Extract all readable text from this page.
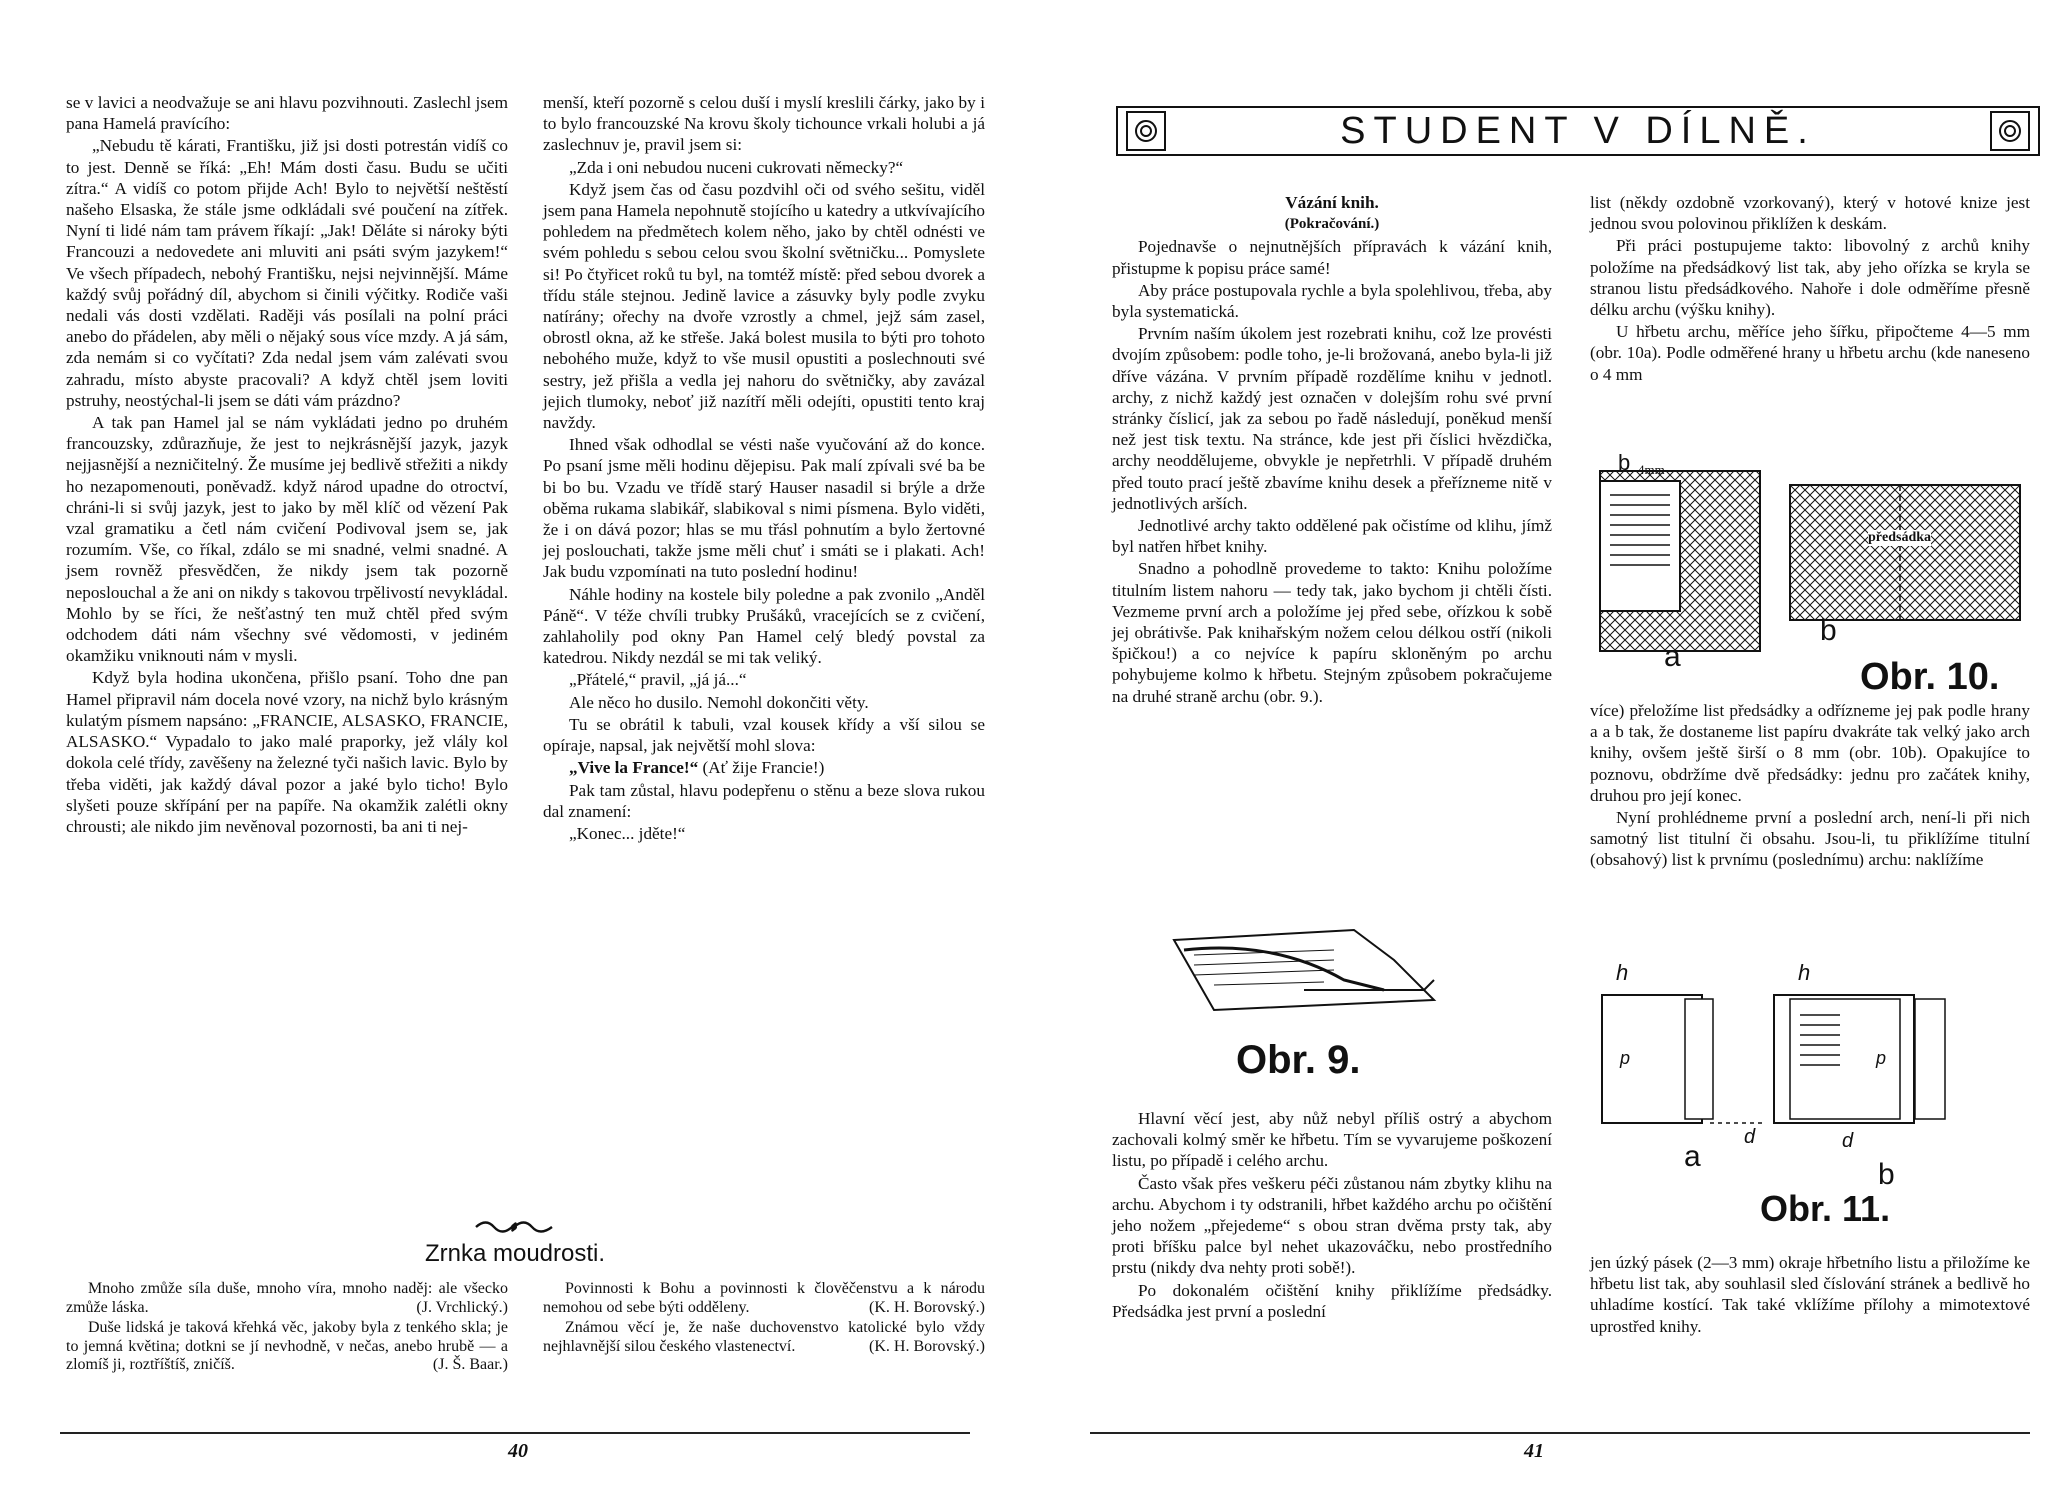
se v lavici a neodvažuje se ani hlavu pozvihnouti. Zaslechl jsem pana Hamelá pravícího:

„Nebudu tě kárati, Františku, již jsi dosti potrestán vidíš co to jest. Denně se říká: „Eh! Mám dosti času. Budu se učiti zítra.“ A vidíš co potom přijde Ach! Bylo to největší neštěstí našeho Elsaska, že stále jsme odkládali své poučení na zítřek. Nyní ti lidé nám tam právem říkají: „Jak! Děláte si nároky býti Francouzi a nedovedete ani mluviti ani psáti svým jazykem!“ Ve všech případech, nebohý Františku, nejsi nejvinnější. Máme každý svůj pořádný díl, abychom si činili výčitky. Rodiče vaši nedali vás dosti vzdělati. Raději vás posílali na polní práci anebo do přádelen, aby měli o nějaký sous více mzdy. A já sám, zda nemám si co vyčítati? Zda nedal jsem vám zalévati svou zahradu, místo abyste pracovali? A když chtěl jsem loviti pstruhy, neostýchal-li jsem se dáti vám prázdno?

A tak pan Hamel jal se nám vykládati jedno po druhém francouzsky, zdůrazňuje, že jest to nejkrásnější jazyk, jazyk nejjasnější a nezničitelný. Že musíme jej bedlivě střežiti a nikdy ho nezapomenouti, poněvadž. když národ upadne do otroctví, chráni-li si svůj jazyk, jest to jako by měl klíč od vězení Pak vzal gramatiku a četl nám cvičení Podivoval jsem se, jak rozumím. Vše, co říkal, zdálo se mi snadné, velmi snadné. A jsem rovněž přesvědčen, že nikdy jsem tak pozorně neposlouchal a že ani on nikdy s takovou trpělivostí nevykládal. Mohlo by se říci, že nešťastný ten muž chtěl před svým odchodem dáti nám všechny své vědomosti, v jediném okamžiku vniknouti nám v mysli.

Když byla hodina ukončena, přišlo psaní. Toho dne pan Hamel připravil nám docela nové vzory, na nichž bylo krásným kulatým písmem napsáno: „FRANCIE, ALSASKO, FRANCIE, ALSASKO.“ Vypadalo to jako malé praporky, jež vlály kol dokola celé třídy, zavěšeny na železné tyči našich lavic. Bylo by třeba viděti, jak každý dával pozor a jaké bylo ticho! Bylo slyšeti pouze skřípání per na papíře. Na okamžik zalétli okny chrousti; ale nikdo jim nevěnoval pozornosti, ba ani ti nej-

menší, kteří pozorně s celou duší i myslí kreslili čárky, jako by i to bylo francouzské Na krovu školy tichounce vrkali holubi a já zaslechnuv je, pravil jsem si:

„Zda i oni nebudou nuceni cukrovati německy?“

Když jsem čas od času pozdvihl oči od svého sešitu, viděl jsem pana Hamela nepohnutě stojícího u katedry a utkvívajícího pohledem na předmětech kolem něho, jako by chtěl odnésti ve svém pohledu s sebou celou svou školní světničku... Pomyslete si! Po čtyřicet roků tu byl, na tomtéž místě: před sebou dvorek a třídu stále stejnou. Jedině lavice a zásuvky byly podle zvyku natírány; ořechy na dvoře vzrostly a chmel, jejž sám zasel, obrostl okna, až ke střeše. Jaká bolest musila to býti pro tohoto nebohého muže, když to vše musil opustiti a poslechnouti své sestry, jež přišla a vedla jej nahoru do světničky, aby zavázal jejich tlumoky, neboť již nazítří měli odejíti, opustiti tento kraj navždy.

Ihned však odhodlal se vésti naše vyučování až do konce. Po psaní jsme měli hodinu dějepisu. Pak malí zpívali své ba be bi bo bu. Vzadu ve třídě starý Hauser nasadil si brýle a drže oběma rukama slabikář, slabikoval s nimi písmena. Bylo viděti, že i on dává pozor; hlas se mu třásl pohnutím a bylo žertovné jej poslouchati, takže jsme měli chuť i smáti se i plakati. Ach! Jak budu vzpomínati na tuto poslední hodinu!

Náhle hodiny na kostele bily poledne a pak zvonilo „Anděl Páně“. V téže chvíli trubky Prušáků, vracejících se z cvičení, zahlaholily pod okny Pan Hamel celý bledý povstal za katedrou. Nikdy nezdál se mi tak veliký.

„Přátelé,“ pravil, „já já...“

Ale něco ho dusilo. Nemohl dokončiti věty.

Tu se obrátil k tabuli, vzal kousek křídy a vší silou se opíraje, napsal, jak největší mohl slova:

„Vive la France!“ (Ať žije Francie!)

Pak tam zůstal, hlavu podepřenu o stěnu a beze slova rukou dal znamení:

„Konec... jděte!“

Zrnka moudrosti.

Mnoho zmůže síla duše, mnoho víra, mnoho naděj: ale všecko zmůže láska.	(J. Vrchlický.)

Duše lidská je taková křehká věc, jakoby byla z tenkého skla; je to jemná květina; dotkni se jí nevhodně, v nečas, anebo hrubě — a zlomíš ji, roztříštíš, zničíš.	(J. Š. Baar.)

Povinnosti k Bohu a povinnosti k člověčenstvu a k národu nemohou od sebe býti odděleny.	(K. H. Borovský.)

Známou věcí je, že naše duchovenstvo katolické bylo vždy nejhlavnější silou českého vlastenectví.	(K. H. Borovský.)

40
STUDENT V DÍLNĚ.

Vázání knih.

(Pokračování.)

Pojednavše o nejnutnějších přípravách k vázání knih, přistupme k popisu práce samé!

Aby práce postupovala rychle a byla spolehlivou, třeba, aby byla systematická.

Prvním naším úkolem jest rozebrati knihu, což lze provésti dvojím způsobem: podle toho, je-li brožovaná, anebo byla-li již dříve vázána. V prvním případě rozdělíme knihu v jednotl. archy, z nichž každý jest označen v dolejším rohu své první stránky číslicí, jak za sebou po řadě následují, poněkud menší než jest tisk textu. Na stránce, kde jest při číslici hvězdička, archy neoddělujeme, obvykle je nepřetrhli. V případě druhém před touto prací ještě zbavíme knihu desek a přeřízneme nitě v jednotlivých arších.

Jednotlivé archy takto oddělené pak očistíme od klihu, jímž byl natřen hřbet knihy.

Snadno a pohodlně provedeme to takto: Knihu položíme titulním listem nahoru — tedy tak, jako bychom ji chtěli čísti. Vezmeme první arch a položíme jej před sebe, ořízkou k sobě jej obrátivše. Pak knihařským nožem celou délkou ostří (nikoli špičkou!) a co nejvíce k papíru skloněným po archu pohybujeme kolmo k hřbetu. Stejným způsobem pokračujeme na druhé straně archu (obr. 9.).

Obr. 9.

Hlavní věcí jest, aby nůž nebyl příliš ostrý a abychom zachovali kolmý směr ke hřbetu. Tím se vyvarujeme poškození listu, po případě i celého archu.

Často však přes veškeru péči zůstanou nám zbytky klihu na archu. Abychom i ty odstranili, hřbet každého archu po očištění jeho nožem „přejedeme“ s obou stran dvěma prsty tak, aby proti bříšku palce byl nehet ukazováčku, nebo prostředního prstu (nikdy dva nehty proti sobě!).

Po dokonalém očištění knihy přiklížíme předsádky. Předsádka jest první a poslední

list (někdy ozdobně vzorkovaný), který v hotové knize jest jednou svou polovinou přiklížen k deskám.

Při práci postupujeme takto: libovolný z archů knihy položíme na předsádkový list tak, aby jeho ořízka se kryla se stranou listu předsádkového. Nahoře i dole odměříme přesně délku archu (výšku knihy).

U hřbetu archu, měříce jeho šířku, připočteme 4—5 mm (obr. 10a). Podle odměřené hrany u hřbetu archu (kde naneseno o 4 mm

4mm
předsádka
b
a
b
Obr. 10.

více) přeložíme list předsádky a odřízneme jej pak podle hrany a a b tak, že dostaneme list papíru dvakráte tak velký jako arch knihy, ovšem ještě širší o 8 mm (obr. 10b). Opakujíce to poznovu, obdržíme dvě předsádky: jednu pro začátek knihy, druhou pro její konec.

Nyní prohlédneme první a poslední arch, není-li při nich samotný list titulní či obsahu. Jsou-li, tu přiklížíme titulní (obsahový) list k prvnímu (poslednímu) archu: naklížíme

h	h
p	p
d	d
a
b
Obr. 11.

jen úzký pásek (2—3 mm) okraje hřbetního listu a přiložíme ke hřbetu list tak, aby souhlasil sled číslování stránek a bedlivě ho uhladíme kostící. Tak také vklížíme přílohy a mimotextové uprostřed knihy.

41
